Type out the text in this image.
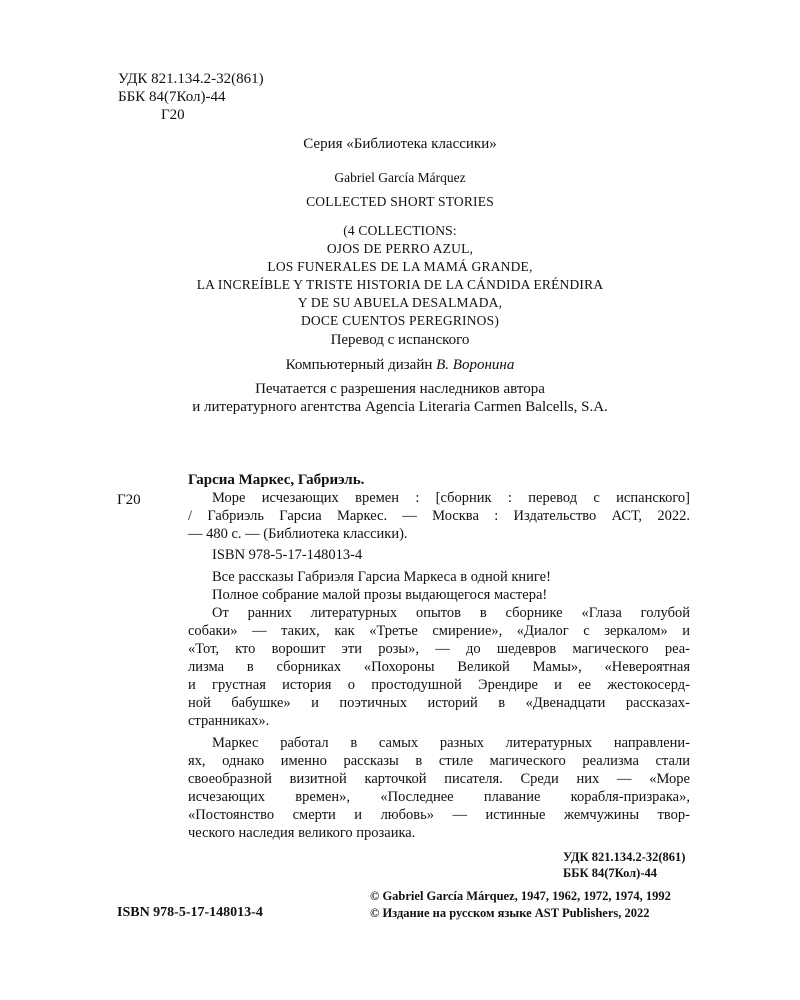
УДК 821.134.2-32(861)
ББК 84(7Кол)-44
Г20
Серия «Библиотека классики»
Gabriel García Márquez
COLLECTED SHORT STORIES
(4 COLLECTIONS:
OJOS DE PERRO AZUL,
LOS FUNERALES DE LA MAMÁ GRANDE,
LA INCREÍBLE Y TRISTE HISTORIA DE LA CÁNDIDA ERÉNDIRA
Y DE SU ABUELA DESALMADA,
DOCE CUENTOS PEREGRINOS)
Перевод с испанского
Компьютерный дизайн В. Воронина
Печатается с разрешения наследников автора
и литературного агентства Agencia Literaria Carmen Balcells, S.A.
Гарсиа Маркес, Габриэль.
Г20	Море исчезающих времен : [сборник : перевод с испанского]
/ Габриэль Гарсиа Маркес. — Москва : Издательство АСТ, 2022.
— 480 с. — (Библиотека классики).
ISBN 978-5-17-148013-4
Все рассказы Габриэля Гарсиа Маркеса в одной книге!
Полное собрание малой прозы выдающегося мастера!
От ранних литературных опытов в сборнике «Глаза голубой
собаки» — таких, как «Третье смирение», «Диалог с зеркалом» и
«Тот, кто ворошит эти розы», — до шедевров магического реа-
лизма в сборниках «Похороны Великой Мамы», «Невероятная
и грустная история о простодушной Эрендире и ее жестокосерд-
ной бабушке» и поэтичных историй в «Двенадцати рассказах-
странниках».
Маркес работал в самых разных литературных направлени-
ях, однако именно рассказы в стиле магического реализма стали
своеобразной визитной карточкой писателя. Среди них — «Море
исчезающих времен», «Последнее плавание корабля-призрака»,
«Постоянство смерти и любовь» — истинные жемчужины твор-
ческого наследия великого прозаика.
УДК 821.134.2-32(861)
ББК 84(7Кол)-44
ISBN 978-5-17-148013-4
© Gabriel García Márquez, 1947, 1962, 1972, 1974, 1992
© Издание на русском языке AST Publishers, 2022
